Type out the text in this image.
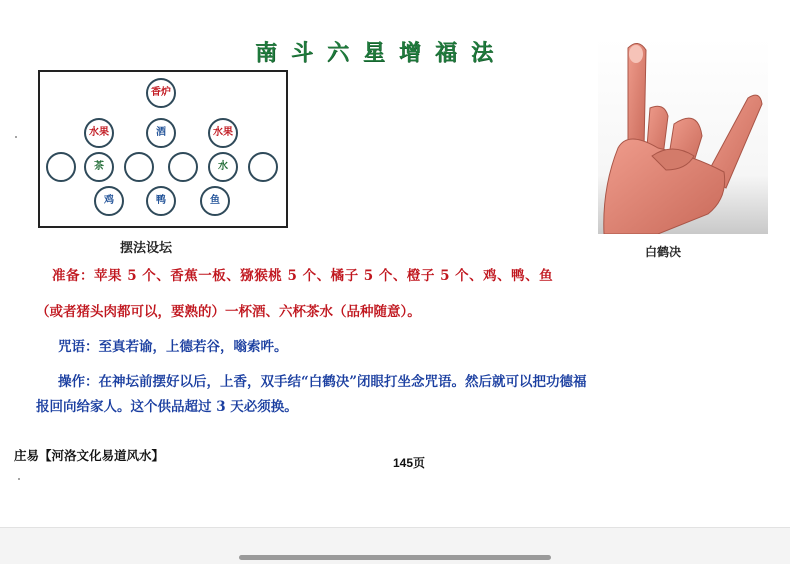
南斗六星增福法
香炉
水果	酒	水果
茶	水
鸡	鸭	鱼
摆法设坛	白鹤决
准备：苹果 5 个、香蕉一板、猕猴桃 5 个、橘子 5 个、橙子 5 个、鸡、鸭、鱼
（或者猪头肉都可以，要熟的）一杯酒、六杯茶水（品种随意）。
咒语：至真若谕，上德若谷，嗡索吽。
操作：在神坛前摆好以后，上香，双手结“白鹤决”闭眼打坐念咒语。然后就可以把功德福
报回向给家人。这个供品超过 3 天必须换。
庄易【河洛文化易道风水】	145页
